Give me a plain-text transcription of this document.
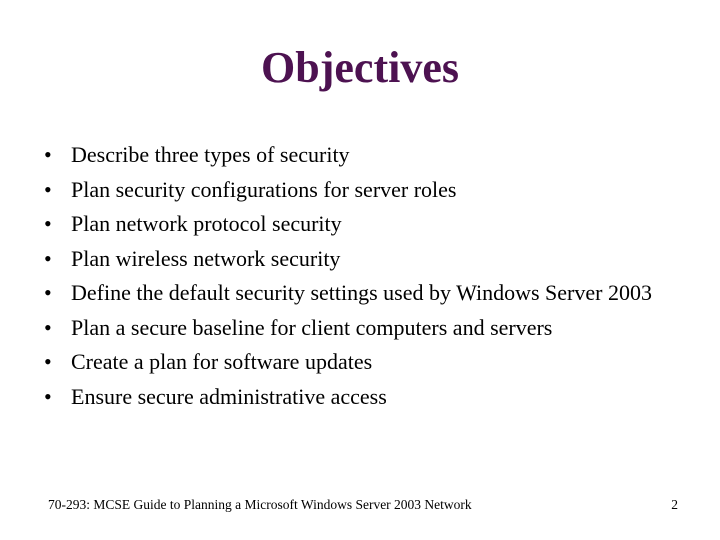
Objectives
• Describe three types of security
• Plan security configurations for server roles
• Plan network protocol security
• Plan wireless network security
• Define the default security settings used by Windows Server 2003
• Plan a secure baseline for client computers and servers
• Create a plan for software updates
• Ensure secure administrative access
70-293: MCSE Guide to Planning a Microsoft Windows Server 2003 Network	2
